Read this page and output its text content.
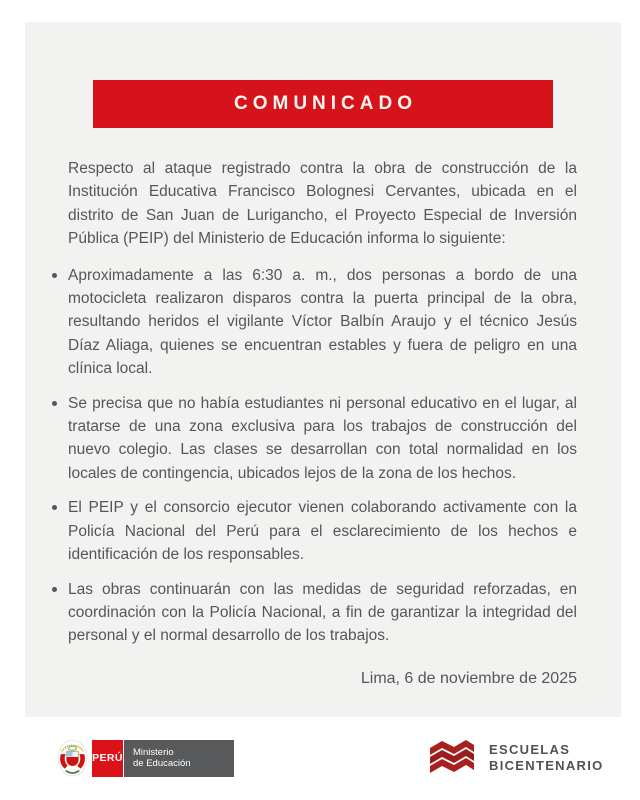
COMUNICADO

Respecto al ataque registrado contra la obra de construcción de la Institución Educativa Francisco Bolognesi Cervantes, ubicada en el distrito de San Juan de Lurigancho, el Proyecto Especial de Inversión Pública (PEIP) del Ministerio de Educación informa lo siguiente:

Aproximadamente a las 6:30 a. m., dos personas a bordo de una motocicleta realizaron disparos contra la puerta principal de la obra, resultando heridos el vigilante Víctor Balbín Araujo y el técnico Jesús Díaz Aliaga, quienes se encuentran estables y fuera de peligro en una clínica local.
Se precisa que no había estudiantes ni personal educativo en el lugar, al tratarse de una zona exclusiva para los trabajos de construcción del nuevo colegio. Las clases se desarrollan con total normalidad en los locales de contingencia, ubicados lejos de la zona de los hechos.
El PEIP y el consorcio ejecutor vienen colaborando activamente con la Policía Nacional del Perú para el esclarecimiento de los hechos e identificación de los responsables.
Las obras continuarán con las medidas de seguridad reforzadas, en coordinación con la Policía Nacional, a fin de garantizar la integridad del personal y el normal desarrollo de los trabajos.

Lima, 6 de noviembre de 2025

PERÚ Ministerio
de Educación
ESCUELAS
BICENTENARIO
